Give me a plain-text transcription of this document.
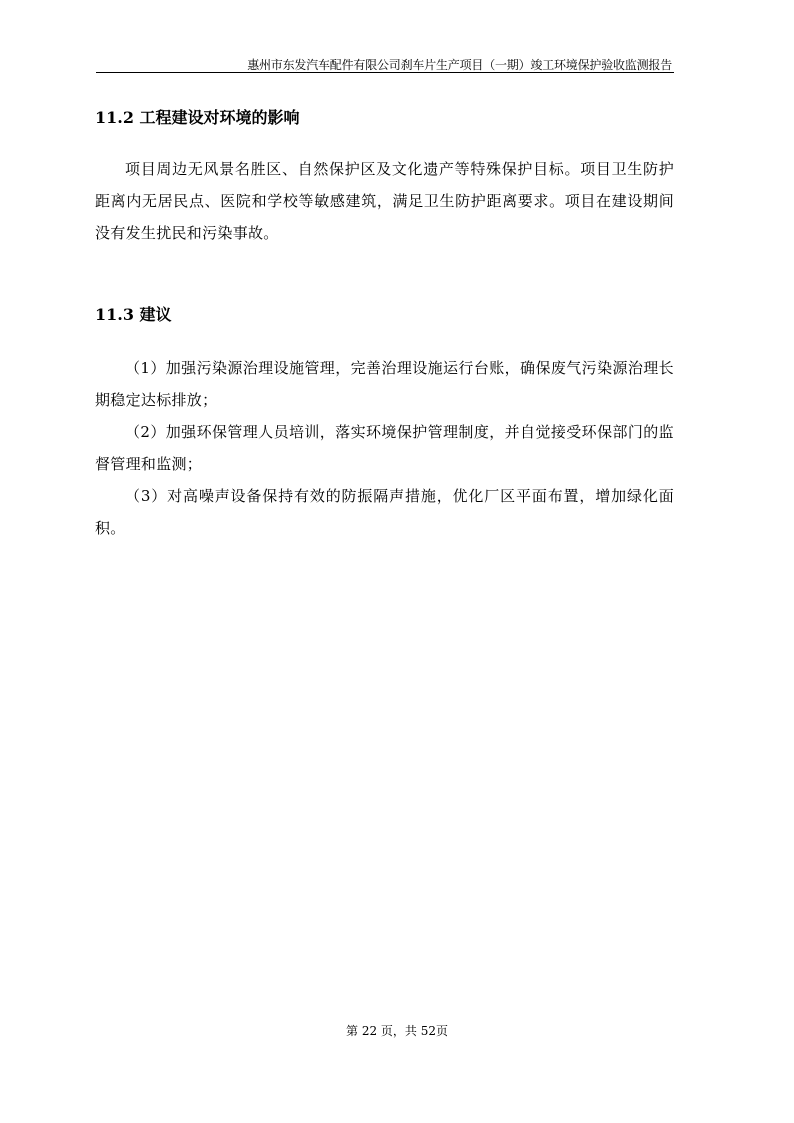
惠州市东发汽车配件有限公司刹车片生产项目（一期）竣工环境保护验收监测报告
11.2 工程建设对环境的影响
项目周边无风景名胜区、自然保护区及文化遗产等特殊保护目标。项目卫生防护距离内无居民点、医院和学校等敏感建筑，满足卫生防护距离要求。项目在建设期间没有发生扰民和污染事故。
11.3 建议
（1）加强污染源治理设施管理，完善治理设施运行台账，确保废气污染源治理长期稳定达标排放；
（2）加强环保管理人员培训，落实环境保护管理制度，并自觉接受环保部门的监督管理和监测；
（3）对高噪声设备保持有效的防振隔声措施，优化厂区平面布置，增加绿化面积。
第 22 页，共 52页
